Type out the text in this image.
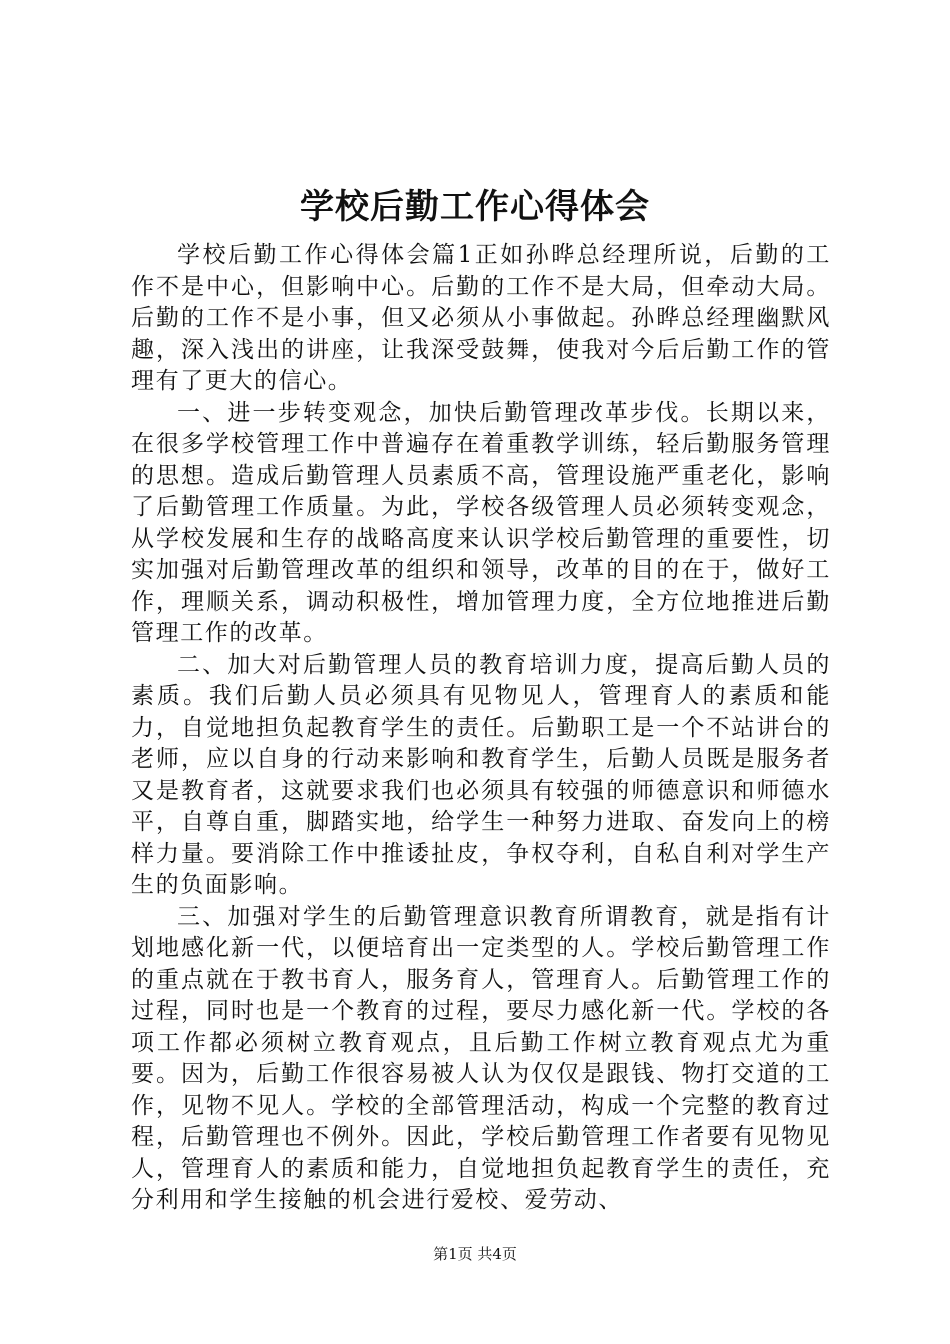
学校后勤工作心得体会

学校后勤工作心得体会篇1正如孙晔总经理所说，后勤的工作不是中心，但影响中心。后勤的工作不是大局，但牵动大局。后勤的工作不是小事，但又必须从小事做起。孙晔总经理幽默风趣，深入浅出的讲座，让我深受鼓舞，使我对今后后勤工作的管理有了更大的信心。

一、进一步转变观念，加快后勤管理改革步伐。长期以来，在很多学校管理工作中普遍存在着重教学训练，轻后勤服务管理的思想。造成后勤管理人员素质不高，管理设施严重老化，影响了后勤管理工作质量。为此，学校各级管理人员必须转变观念，从学校发展和生存的战略高度来认识学校后勤管理的重要性，切实加强对后勤管理改革的组织和领导，改革的目的在于，做好工作，理顺关系，调动积极性，增加管理力度，全方位地推进后勤管理工作的改革。

二、加大对后勤管理人员的教育培训力度，提高后勤人员的素质。我们后勤人员必须具有见物见人，管理育人的素质和能力，自觉地担负起教育学生的责任。后勤职工是一个不站讲台的老师，应以自身的行动来影响和教育学生，后勤人员既是服务者又是教育者，这就要求我们也必须具有较强的师德意识和师德水平，自尊自重，脚踏实地，给学生一种努力进取、奋发向上的榜样力量。要消除工作中推诿扯皮，争权夺利，自私自利对学生产生的负面影响。

三、加强对学生的后勤管理意识教育所谓教育，就是指有计划地感化新一代，以便培育出一定类型的人。学校后勤管理工作的重点就在于教书育人，服务育人，管理育人。后勤管理工作的过程，同时也是一个教育的过程，要尽力感化新一代。学校的各项工作都必须树立教育观点，且后勤工作树立教育观点尤为重要。因为，后勤工作很容易被人认为仅仅是跟钱、物打交道的工作，见物不见人。学校的全部管理活动，构成一个完整的教育过程，后勤管理也不例外。因此，学校后勤管理工作者要有见物见人，管理育人的素质和能力，自觉地担负起教育学生的责任，充分利用和学生接触的机会进行爱校、爱劳动、

第1页 共4页
